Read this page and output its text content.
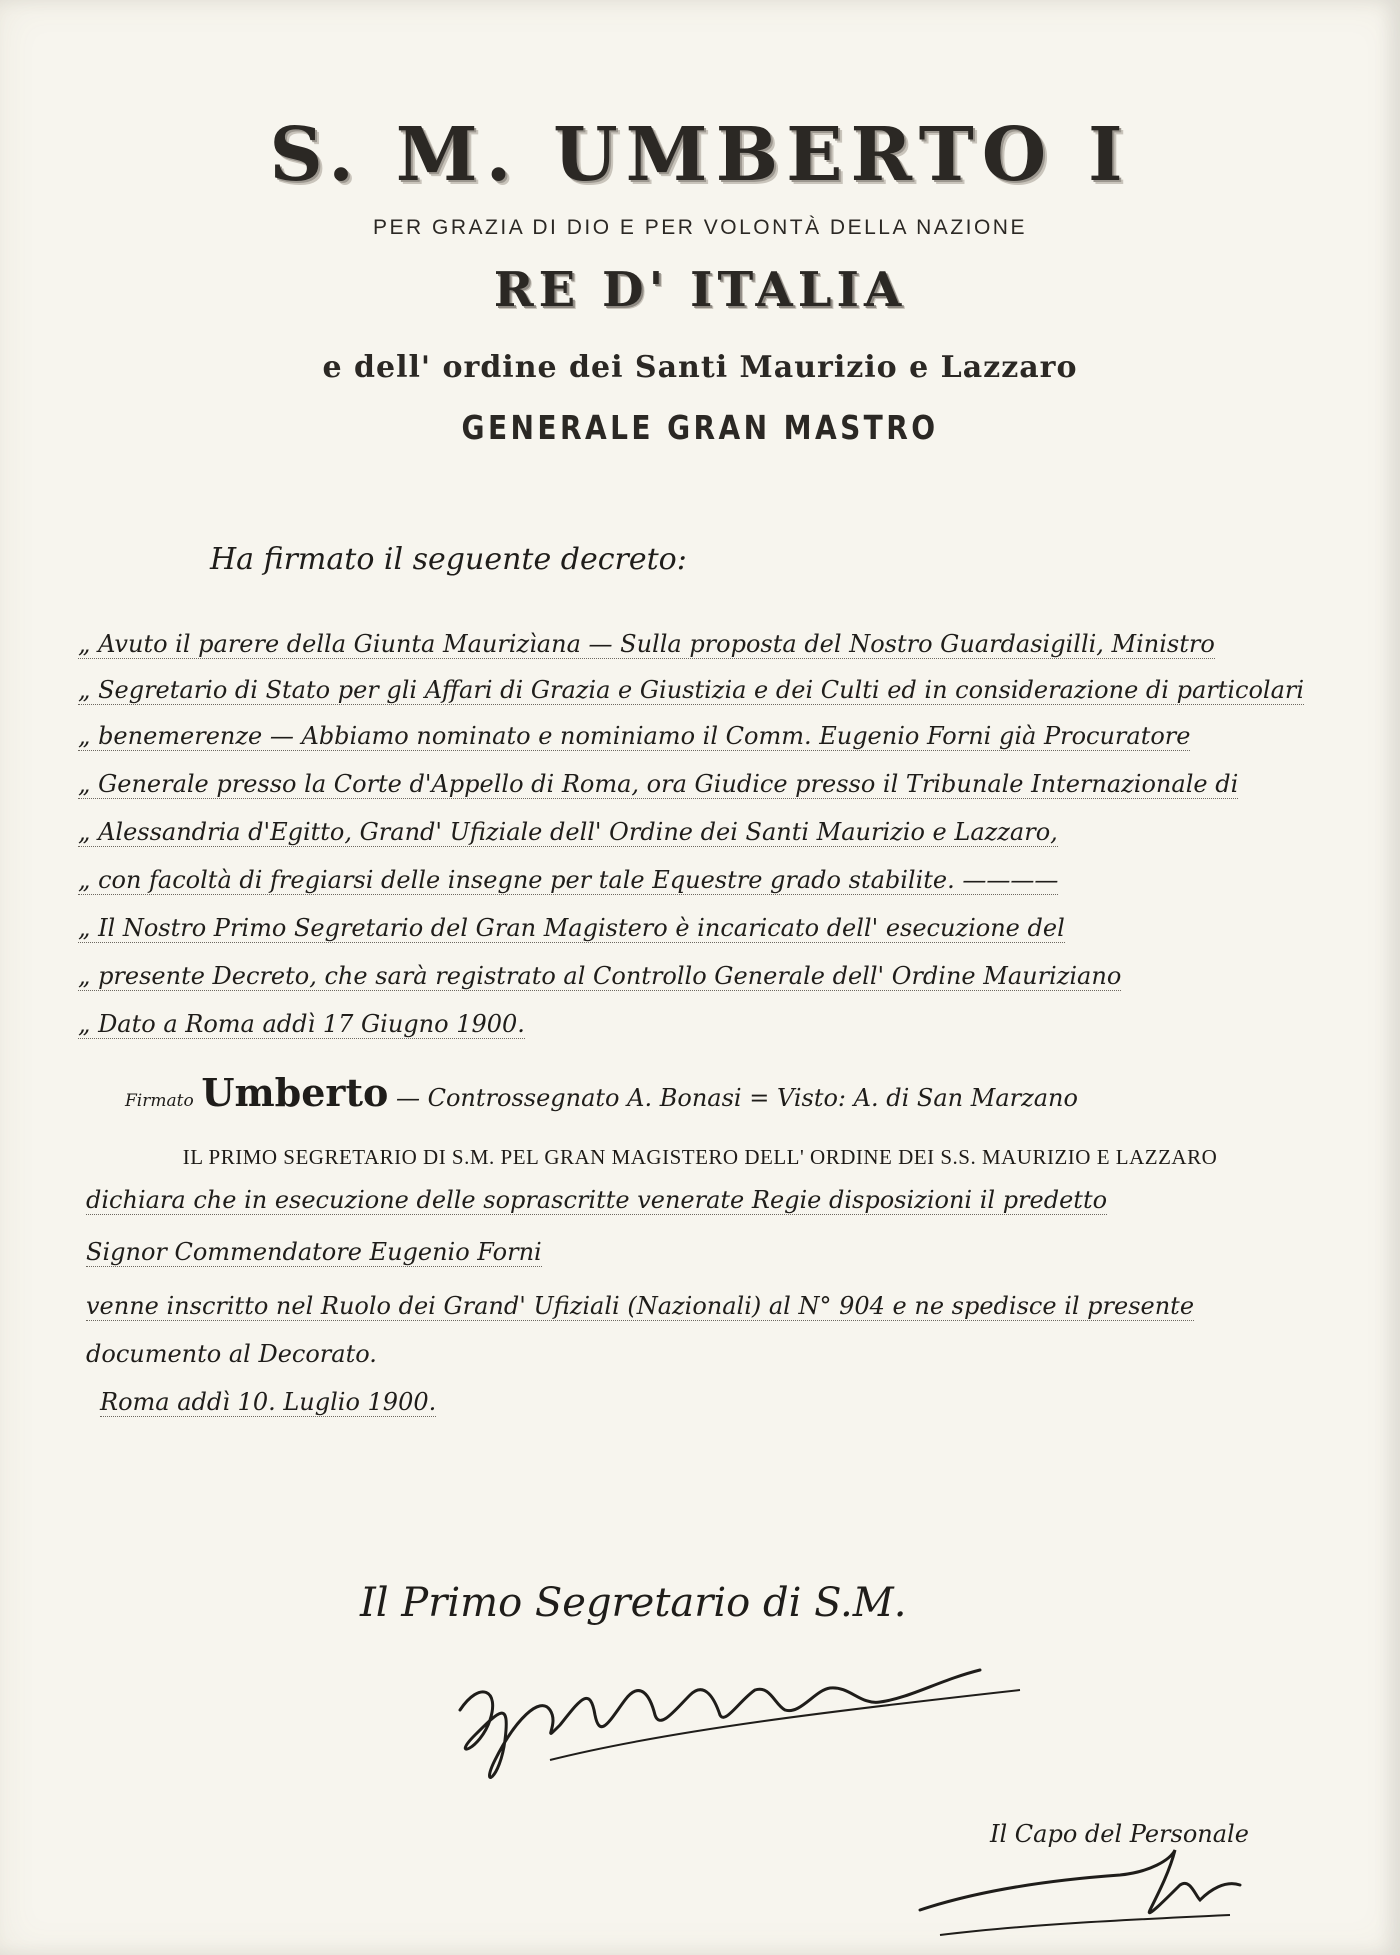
S. M. UMBERTO I
PER GRAZIA DI DIO E PER VOLONTÀ DELLA NAZIONE
RE D' ITALIA
e dell' ordine dei Santi Maurizio e Lazzaro
GENERALE GRAN MASTRO
Ha firmato il seguente decreto:
„ Avuto il parere della Giunta Maurizìana — Sulla proposta del Nostro Guardasigilli, Ministro
„ Segretario di Stato per gli Affari di Grazia e Giustizia e dei Culti ed in considerazione di particolari
„ benemerenze — Abbiamo nominato e nominiamo il Comm. Eugenio Forni già Procuratore
„ Generale presso la Corte d'Appello di Roma, ora Giudice presso il Tribunale Internazionale di
„ Alessandria d'Egitto, Grand' Ufiziale dell' Ordine dei Santi Maurizio e Lazzaro,
„ con facoltà di fregiarsi delle insegne per tale Equestre grado stabilite. ————
„ Il Nostro Primo Segretario del Gran Magistero è incaricato dell' esecuzione del
„ presente Decreto, che sarà registrato al Controllo Generale dell' Ordine Mauriziano
„ Dato a Roma addì 17 Giugno 1900.
Firmato Umberto — Controssegnato A. Bonasi = Visto: A. di San Marzano
IL PRIMO SEGRETARIO DI S.M. PEL GRAN MAGISTERO DELL' ORDINE DEI S.S. MAURIZIO E LAZZARO
dichiara che in esecuzione delle soprascritte venerate Regie disposizioni il predetto
Signor Commendatore Eugenio Forni
venne inscritto nel Ruolo dei Grand' Ufiziali (Nazionali) al N° 904 e ne spedisce il presente
documento al Decorato.
Roma addì 10. Luglio 1900.
Il Primo Segretario di S.M.
Il Capo del Personale
